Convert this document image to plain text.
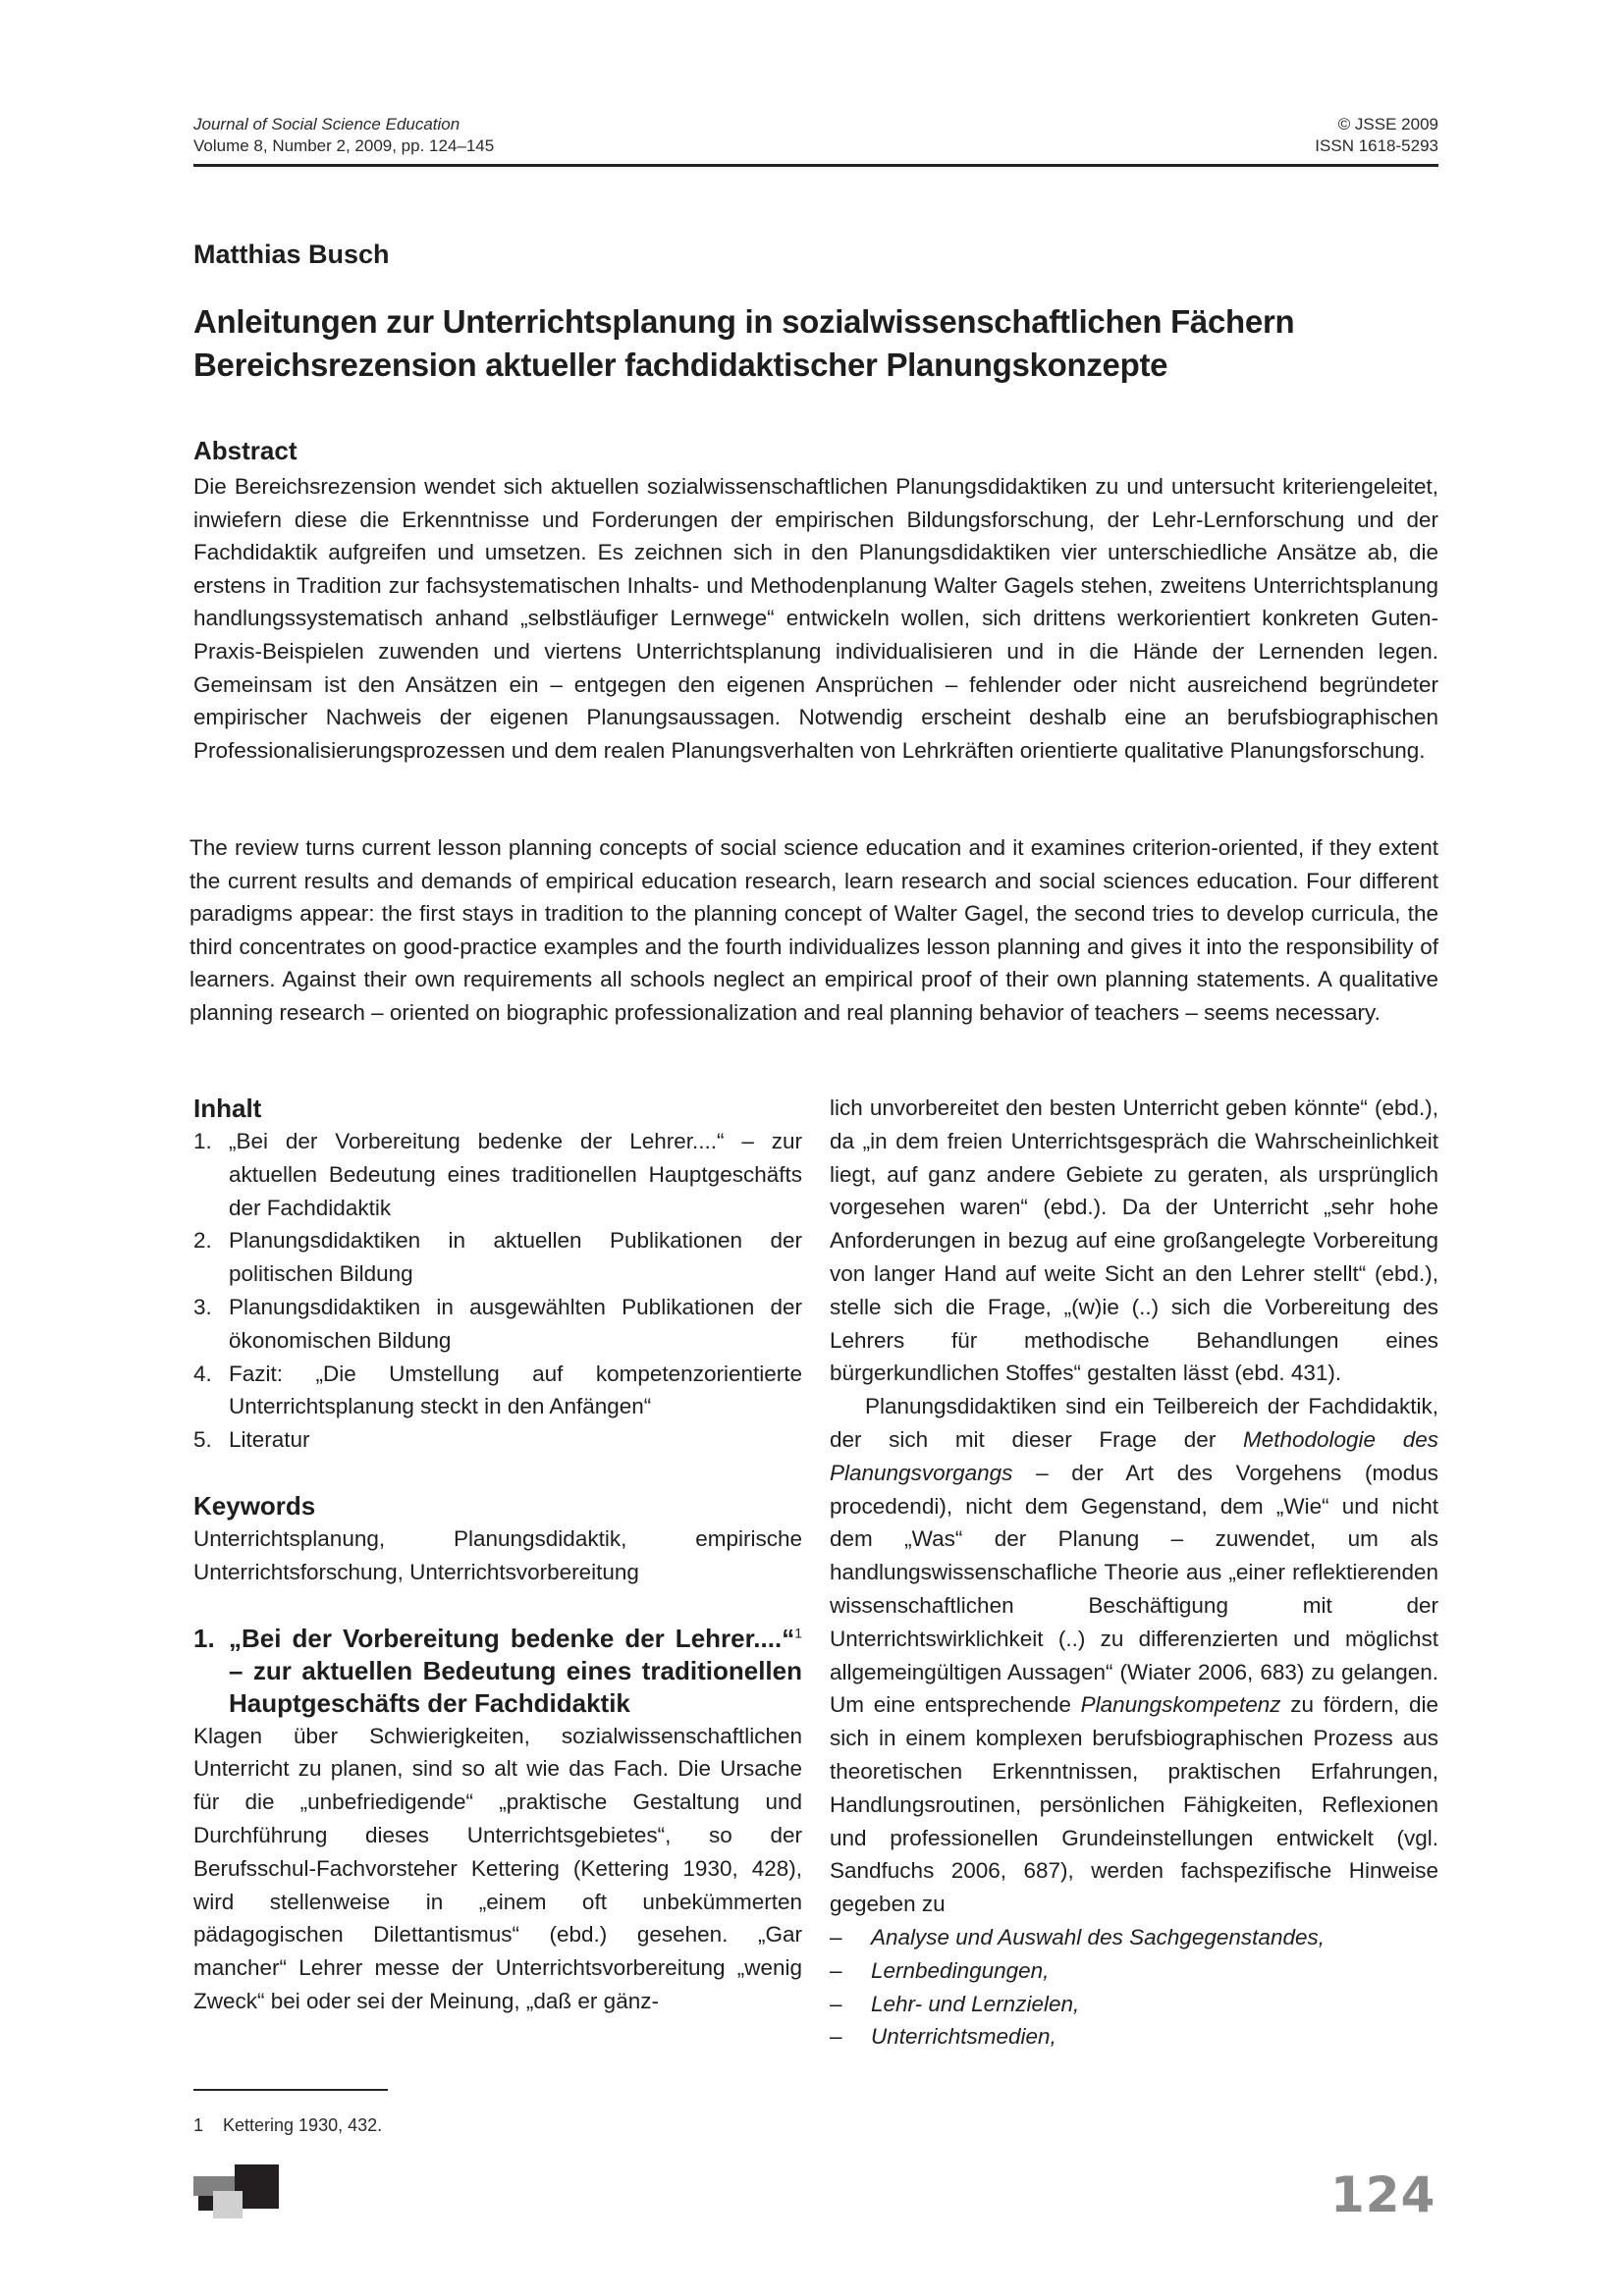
Journal of Social Science Education
Volume 8, Number 2, 2009, pp. 124–145
© JSSE 2009
ISSN 1618-5293
Matthias Busch
Anleitungen zur Unterrichtsplanung in sozialwissenschaftlichen Fächern
Bereichsrezension aktueller fachdidaktischer Planungskonzepte
Abstract
Die Bereichsrezension wendet sich aktuellen sozialwissenschaftlichen Planungsdidaktiken zu und untersucht kriteriengeleitet, inwiefern diese die Erkenntnisse und Forderungen der empirischen Bildungsforschung, der Lehr-Lernforschung und der Fachdidaktik aufgreifen und umsetzen. Es zeichnen sich in den Planungsdidaktiken vier unterschiedliche Ansätze ab, die erstens in Tradition zur fachsystematischen Inhalts- und Methodenplanung Walter Gagels stehen, zweitens Unterrichtsplanung handlungssystematisch anhand „selbstläufiger Lernwege“ entwickeln wollen, sich drittens werkorientiert konkreten Guten-Praxis-Beispielen zuwenden und viertens Unterrichtsplanung individualisieren und in die Hände der Lernenden legen. Gemeinsam ist den Ansätzen ein – entgegen den eigenen Ansprüchen – fehlender oder nicht ausreichend begründeter empirischer Nachweis der eigenen Planungsaussagen. Notwendig erscheint deshalb eine an berufsbiographischen Professionalisierungsprozessen und dem realen Planungsverhalten von Lehrkräften orientierte qualitative Planungsforschung.
The review turns current lesson planning concepts of social science education and it examines criterion-oriented, if they extent the current results and demands of empirical education research, learn research and social sciences education. Four different paradigms appear: the first stays in tradition to the planning concept of Walter Gagel, the second tries to develop curricula, the third concentrates on good-practice examples and the fourth individualizes lesson planning and gives it into the responsibility of learners. Against their own requirements all schools neglect an empirical proof of their own planning statements. A qualitative planning research – oriented on biographic professionalization and real planning behavior of teachers – seems necessary.
Inhalt
1. „Bei der Vorbereitung bedenke der Lehrer....“ – zur aktuellen Bedeutung eines traditionellen Hauptgeschäfts der Fachdidaktik
2. Planungsdidaktiken in aktuellen Publikationen der politischen Bildung
3. Planungsdidaktiken in ausgewählten Publikationen der ökonomischen Bildung
4. Fazit: „Die Umstellung auf kompetenzorientierte Unterrichtsplanung steckt in den Anfängen“
5. Literatur
Keywords

Unterrichtsplanung, Planungsdidaktik, empirische Unterrichtsforschung, Unterrichtsvorbereitung

1. „Bei der Vorbereitung bedenke der Lehrer....“$^1$ – zur aktuellen Bedeutung eines traditionellen Hauptgeschäfts der Fachdidaktik

Klagen über Schwierigkeiten, sozialwissenschaftlichen Unterricht zu planen, sind so alt wie das Fach. Die Ursache für die „unbefriedigende“ „praktische Gestaltung und Durchführung dieses Unterrichtsgebietes“, so der Berufsschul-Fachvorsteher Kettering (Kettering 1930, 428), wird stellenweise in „einem oft unbekümmerten pädagogischen Dilettantismus“ (ebd.) gesehen. „Gar mancher“ Lehrer messe der Unterrichtsvorbereitung „wenig Zweck“ bei oder sei der Meinung, „daß er gänz-

lich unvorbereitet den besten Unterricht geben könnte“ (ebd.), da „in dem freien Unterrichtsgespräch die Wahrscheinlichkeit liegt, auf ganz andere Gebiete zu geraten, als ursprünglich vorgesehen waren“ (ebd.). Da der Unterricht „sehr hohe Anforderungen in bezug auf eine großangelegte Vorbereitung von langer Hand auf weite Sicht an den Lehrer stellt“ (ebd.), stelle sich die Frage, „(w)ie (..) sich die Vorbereitung des Lehrers für methodische Behandlungen eines bürgerkundlichen Stoffes“ gestalten lässt (ebd. 431).

Planungsdidaktiken sind ein Teilbereich der Fachdidaktik, der sich mit dieser Frage der Methodologie des Planungsvorgangs – der Art des Vorgehens (modus procedendi), nicht dem Gegenstand, dem „Wie“ und nicht dem „Was“ der Planung – zuwendet, um als handlungswissenschafliche Theorie aus „einer reflektierenden wissenschaftlichen Beschäftigung mit der Unterrichtswirklichkeit (..) zu differenzierten und möglichst allgemeingültigen Aussagen“ (Wiater 2006, 683) zu gelangen. Um eine entsprechende Planungskompetenz zu fördern, die sich in einem komplexen berufsbiographischen Prozess aus theoretischen Erkenntnissen, praktischen Erfahrungen, Handlungsroutinen, persönlichen Fähigkeiten, Reflexionen und professionellen Grundeinstellungen entwickelt (vgl. Sandfuchs 2006, 687), werden fachspezifische Hinweise gegeben zu

–	Analyse und Auswahl des Sachgegenstandes,
–	Lernbedingungen,
–	Lehr- und Lernzielen,
–	Unterrichtsmedien,
1 Kettering 1930, 432.
124
